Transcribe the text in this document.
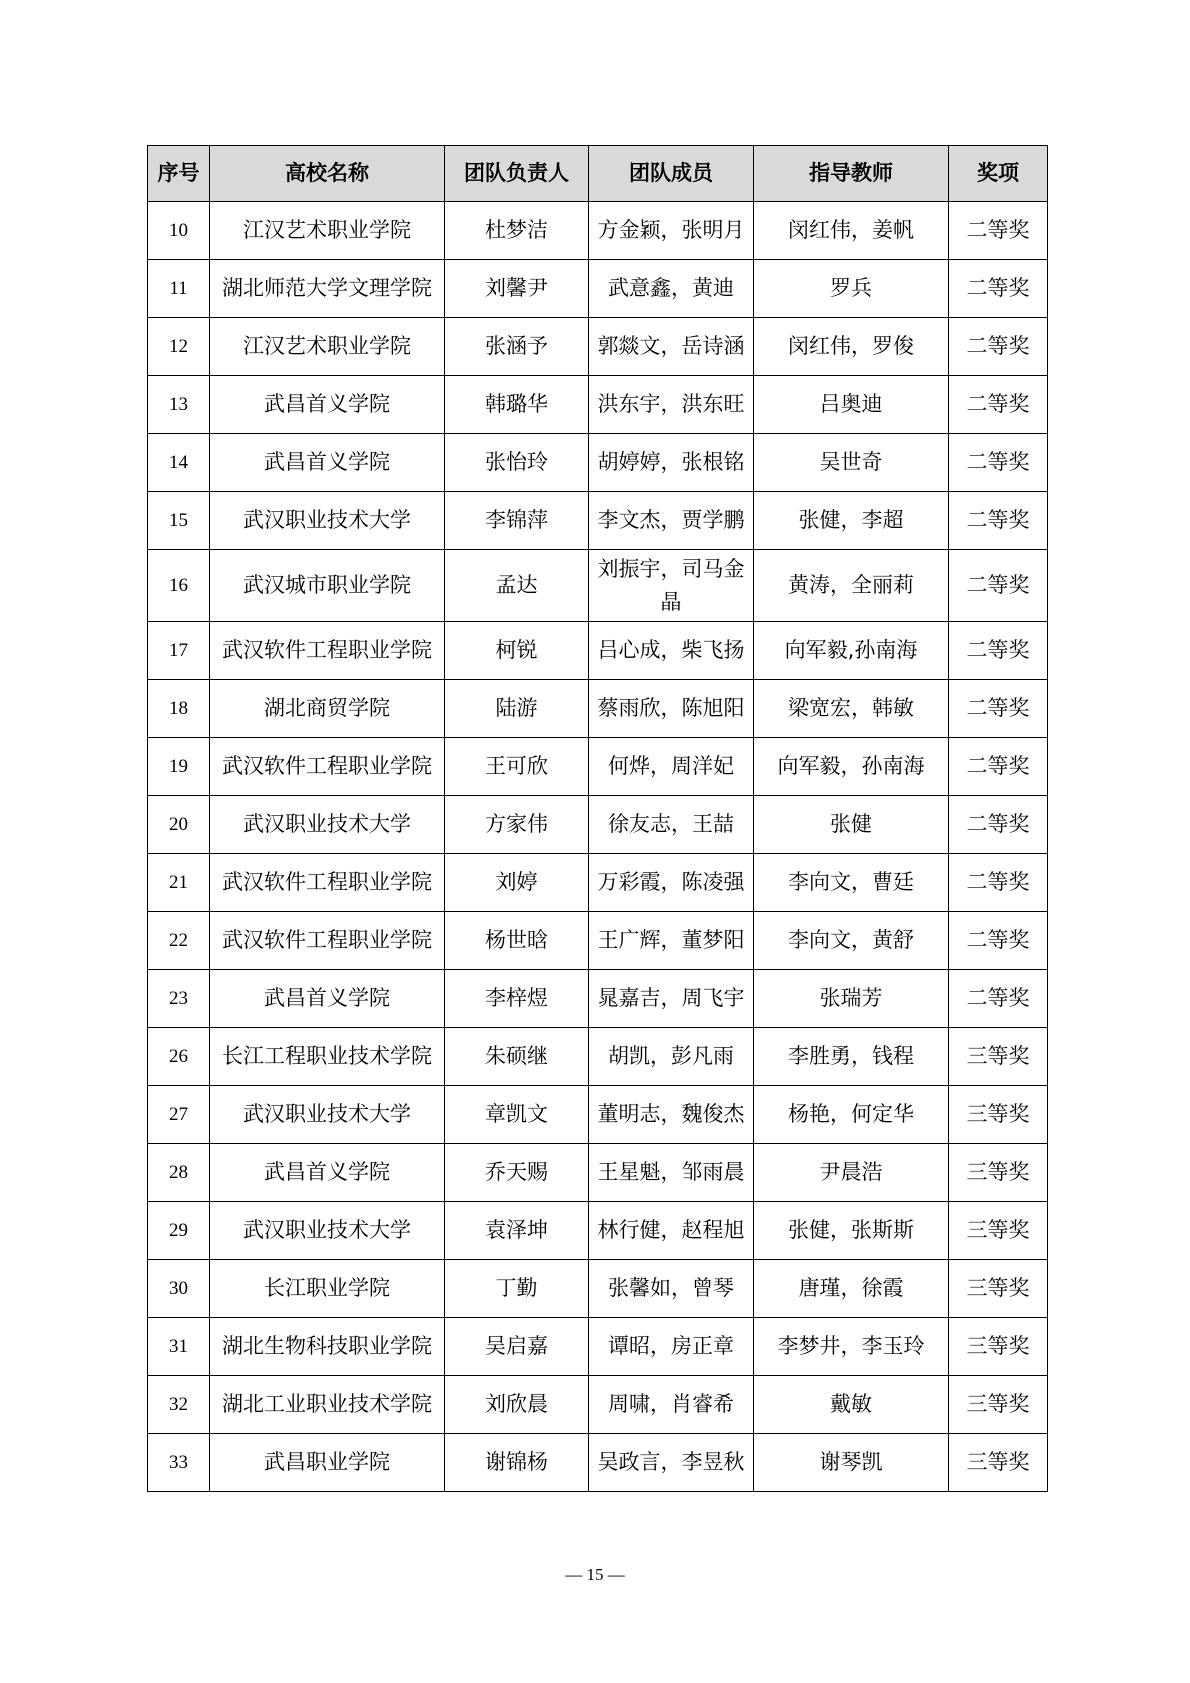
序号	高校名称	团队负责人	团队成员	指导教师	奖项
10	江汉艺术职业学院	杜梦洁	方金颖，张明月	闵红伟，姜帆	二等奖
11	湖北师范大学文理学院	刘馨尹	武意鑫，黄迪	罗兵	二等奖
12	江汉艺术职业学院	张涵予	郭燚文，岳诗涵	闵红伟，罗俊	二等奖
13	武昌首义学院	韩璐华	洪东宇，洪东旺	吕奥迪	二等奖
14	武昌首义学院	张怡玲	胡婷婷，张根铭	吴世奇	二等奖
15	武汉职业技术大学	李锦萍	李文杰，贾学鹏	张健，李超	二等奖
16	武汉城市职业学院	孟达	刘振宇，司马金晶	黄涛，全丽莉	二等奖
17	武汉软件工程职业学院	柯锐	吕心成，柴飞扬	向军毅,孙南海	二等奖
18	湖北商贸学院	陆游	蔡雨欣，陈旭阳	梁宽宏，韩敏	二等奖
19	武汉软件工程职业学院	王可欣	何烨，周洋妃	向军毅，孙南海	二等奖
20	武汉职业技术大学	方家伟	徐友志，王喆	张健	二等奖
21	武汉软件工程职业学院	刘婷	万彩霞，陈凌强	李向文，曹廷	二等奖
22	武汉软件工程职业学院	杨世晗	王广辉，董梦阳	李向文，黄舒	二等奖
23	武昌首义学院	李梓煜	晁嘉吉，周飞宇	张瑞芳	二等奖
26	长江工程职业技术学院	朱硕继	胡凯，彭凡雨	李胜勇，钱程	三等奖
27	武汉职业技术大学	章凯文	董明志，魏俊杰	杨艳，何定华	三等奖
28	武昌首义学院	乔天赐	王星魁，邹雨晨	尹晨浩	三等奖
29	武汉职业技术大学	袁泽坤	林行健，赵程旭	张健，张斯斯	三等奖
30	长江职业学院	丁勤	张馨如，曾琴	唐瑾，徐霞	三等奖
31	湖北生物科技职业学院	吴启嘉	谭昭，房正章	李梦井，李玉玲	三等奖
32	湖北工业职业技术学院	刘欣晨	周啸，肖睿希	戴敏	三等奖
33	武昌职业学院	谢锦杨	吴政言，李昱秋	谢琴凯	三等奖
— 15 —
